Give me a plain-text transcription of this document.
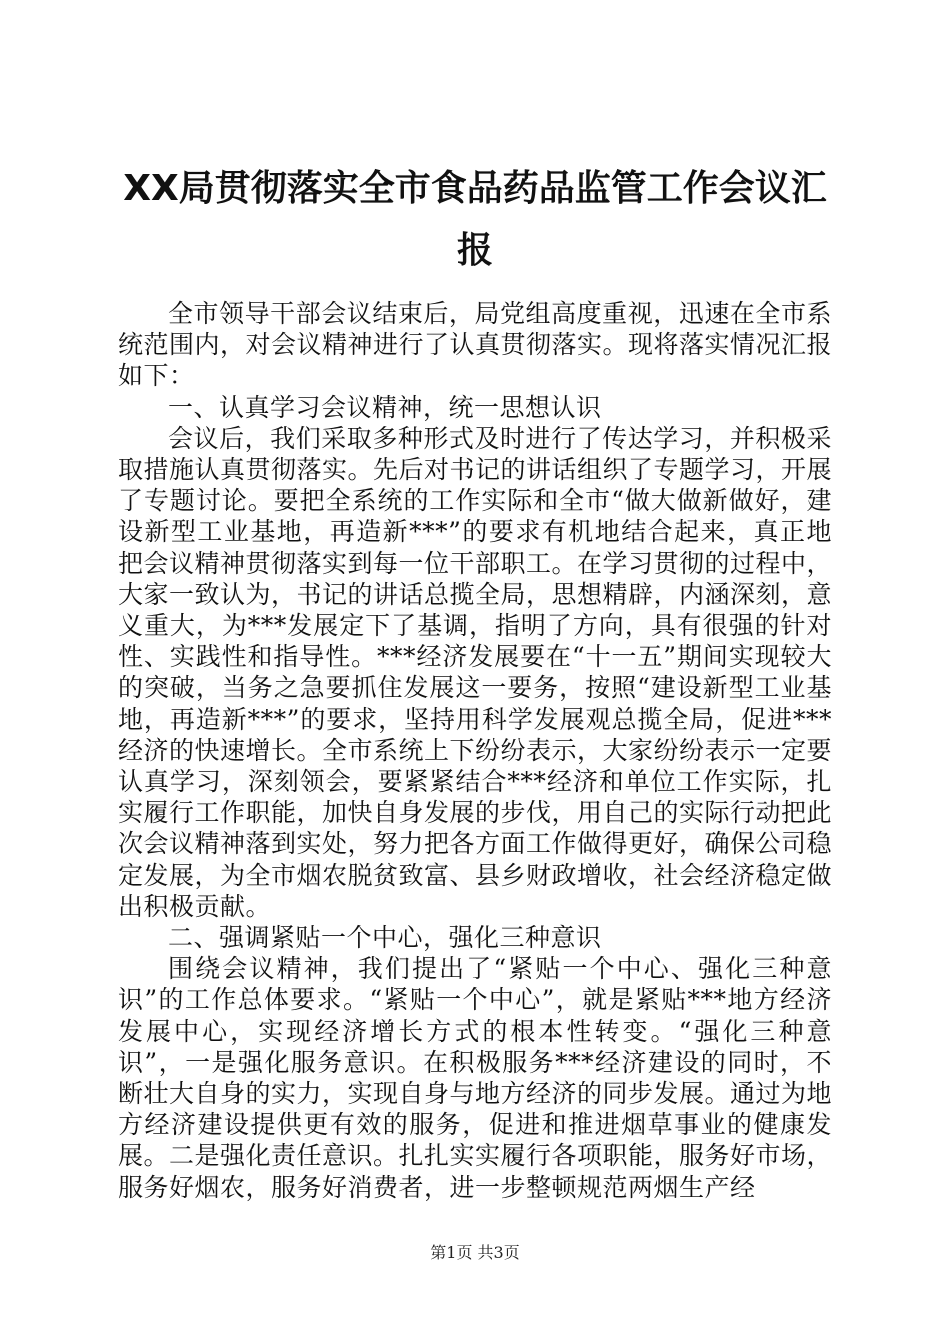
XX局贯彻落实全市食品药品监管工作会议汇报

全市领导干部会议结束后，局党组高度重视，迅速在全市系统范围内，对会议精神进行了认真贯彻落实。现将落实情况汇报如下：

一、认真学习会议精神，统一思想认识

会议后，我们采取多种形式及时进行了传达学习，并积极采取措施认真贯彻落实。先后对书记的讲话组织了专题学习，开展了专题讨论。要把全系统的工作实际和全市“做大做新做好，建设新型工业基地，再造新***”的要求有机地结合起来，真正地把会议精神贯彻落实到每一位干部职工。在学习贯彻的过程中，大家一致认为，书记的讲话总揽全局，思想精辟，内涵深刻，意义重大，为***发展定下了基调，指明了方向，具有很强的针对性、实践性和指导性。***经济发展要在“十一五”期间实现较大的突破，当务之急要抓住发展这一要务，按照“建设新型工业基地，再造新***”的要求，坚持用科学发展观总揽全局，促进***经济的快速增长。全市系统上下纷纷表示，大家纷纷表示一定要认真学习，深刻领会，要紧紧结合***经济和单位工作实际，扎实履行工作职能，加快自身发展的步伐，用自己的实际行动把此次会议精神落到实处，努力把各方面工作做得更好，确保公司稳定发展，为全市烟农脱贫致富、县乡财政增收，社会经济稳定做出积极贡献。

二、强调紧贴一个中心，强化三种意识

围绕会议精神，我们提出了“紧贴一个中心、强化三种意识”的工作总体要求。“紧贴一个中心”，就是紧贴***地方经济发展中心，实现经济增长方式的根本性转变。“强化三种意识”，一是强化服务意识。在积极服务***经济建设的同时，不断壮大自身的实力，实现自身与地方经济的同步发展。通过为地方经济建设提供更有效的服务，促进和推进烟草事业的健康发展。二是强化责任意识。扎扎实实履行各项职能，服务好市场，服务好烟农，服务好消费者，进一步整顿规范两烟生产经

第1页 共3页
